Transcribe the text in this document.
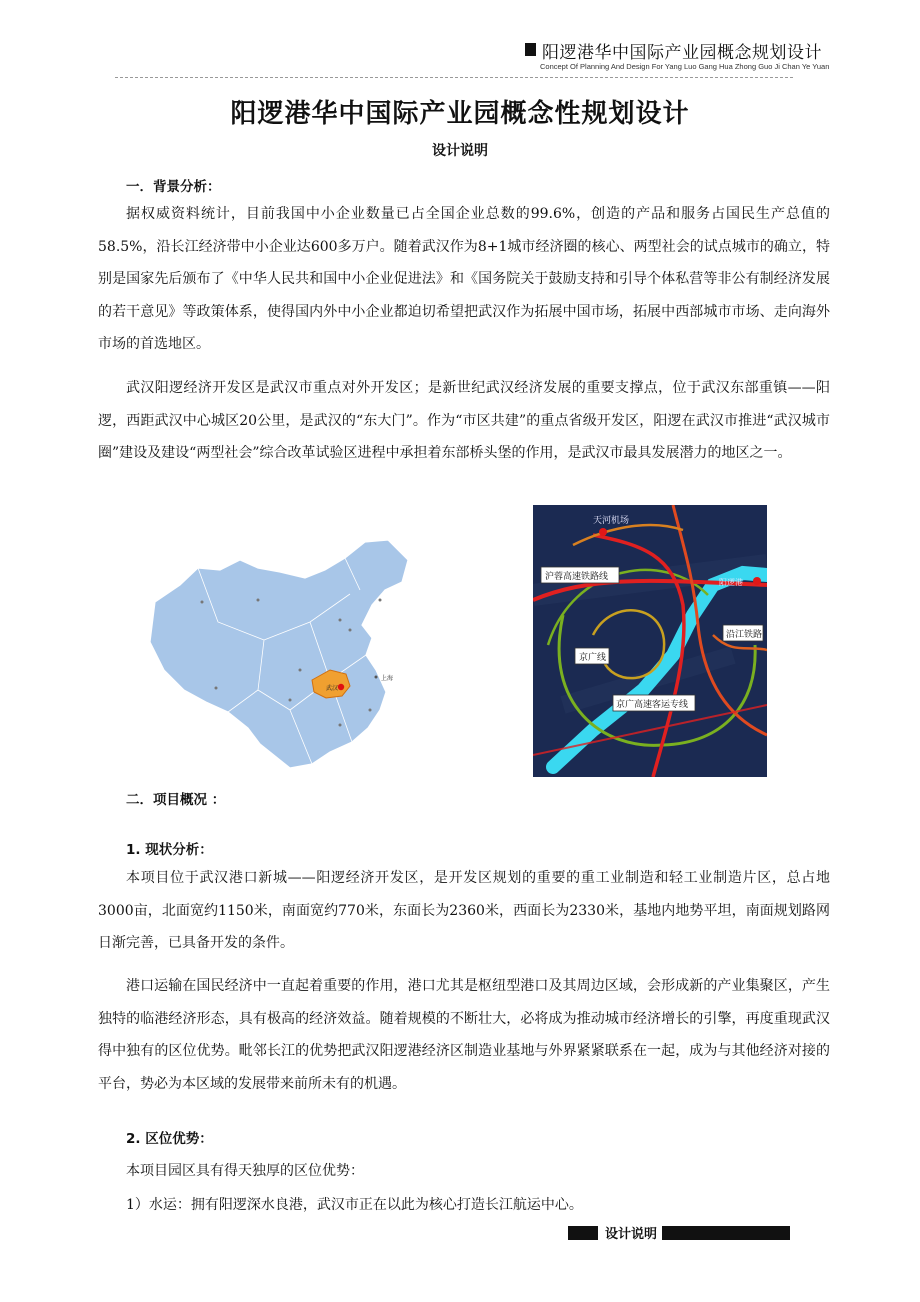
阳逻港华中国际产业园概念规划设计
Concept Of Planning And Design For Yang Luo Gang Hua Zhong Guo Ji Chan Ye Yuan
阳逻港华中国际产业园概念性规划设计
设计说明
一．背景分析：

据权威资料统计，目前我国中小企业数量已占全国企业总数的99.6%，创造的产品和服务占国民生产总值的58.5%，沿长江经济带中小企业达600多万户。随着武汉作为8+1城市经济圈的核心、两型社会的试点城市的确立，特别是国家先后颁布了《中华人民共和国中小企业促进法》和《国务院关于鼓励支持和引导个体私营等非公有制经济发展的若干意见》等政策体系，使得国内外中小企业都迫切希望把武汉作为拓展中国市场，拓展中西部城市市场、走向海外市场的首选地区。

武汉阳逻经济开发区是武汉市重点对外开发区；是新世纪武汉经济发展的重要支撑点，位于武汉东部重镇——阳逻，西距武汉中心城区20公里，是武汉的“东大门”。作为“市区共建”的重点省级开发区，阳逻在武汉市推进“武汉城市圈”建设及建设“两型社会”综合改革试验区进程中承担着东部桥头堡的作用，是武汉市最具发展潜力的地区之一。

武汉
上海
天河机场
阳逻港
沪蓉高速铁路线
沿江铁路
京广线
京广高速客运专线
二．项目概况 ：
1. 现状分析：

本项目位于武汉港口新城——阳逻经济开发区，是开发区规划的重要的重工业制造和轻工业制造片区，总占地3000亩，北面宽约1150米，南面宽约770米，东面长为2360米，西面长为2330米，基地内地势平坦，南面规划路网日渐完善，已具备开发的条件。

港口运输在国民经济中一直起着重要的作用，港口尤其是枢纽型港口及其周边区域，会形成新的产业集聚区，产生独特的临港经济形态，具有极高的经济效益。随着规模的不断壮大，必将成为推动城市经济增长的引擎，再度重现武汉得中独有的区位优势。毗邻长江的优势把武汉阳逻港经济区制造业基地与外界紧紧联系在一起，成为与其他经济对接的平台，势必为本区域的发展带来前所未有的机遇。

2. 区位优势：
本项目园区具有得天独厚的区位优势：
1）水运：拥有阳逻深水良港，武汉市正在以此为核心打造长江航运中心。
设计说明
